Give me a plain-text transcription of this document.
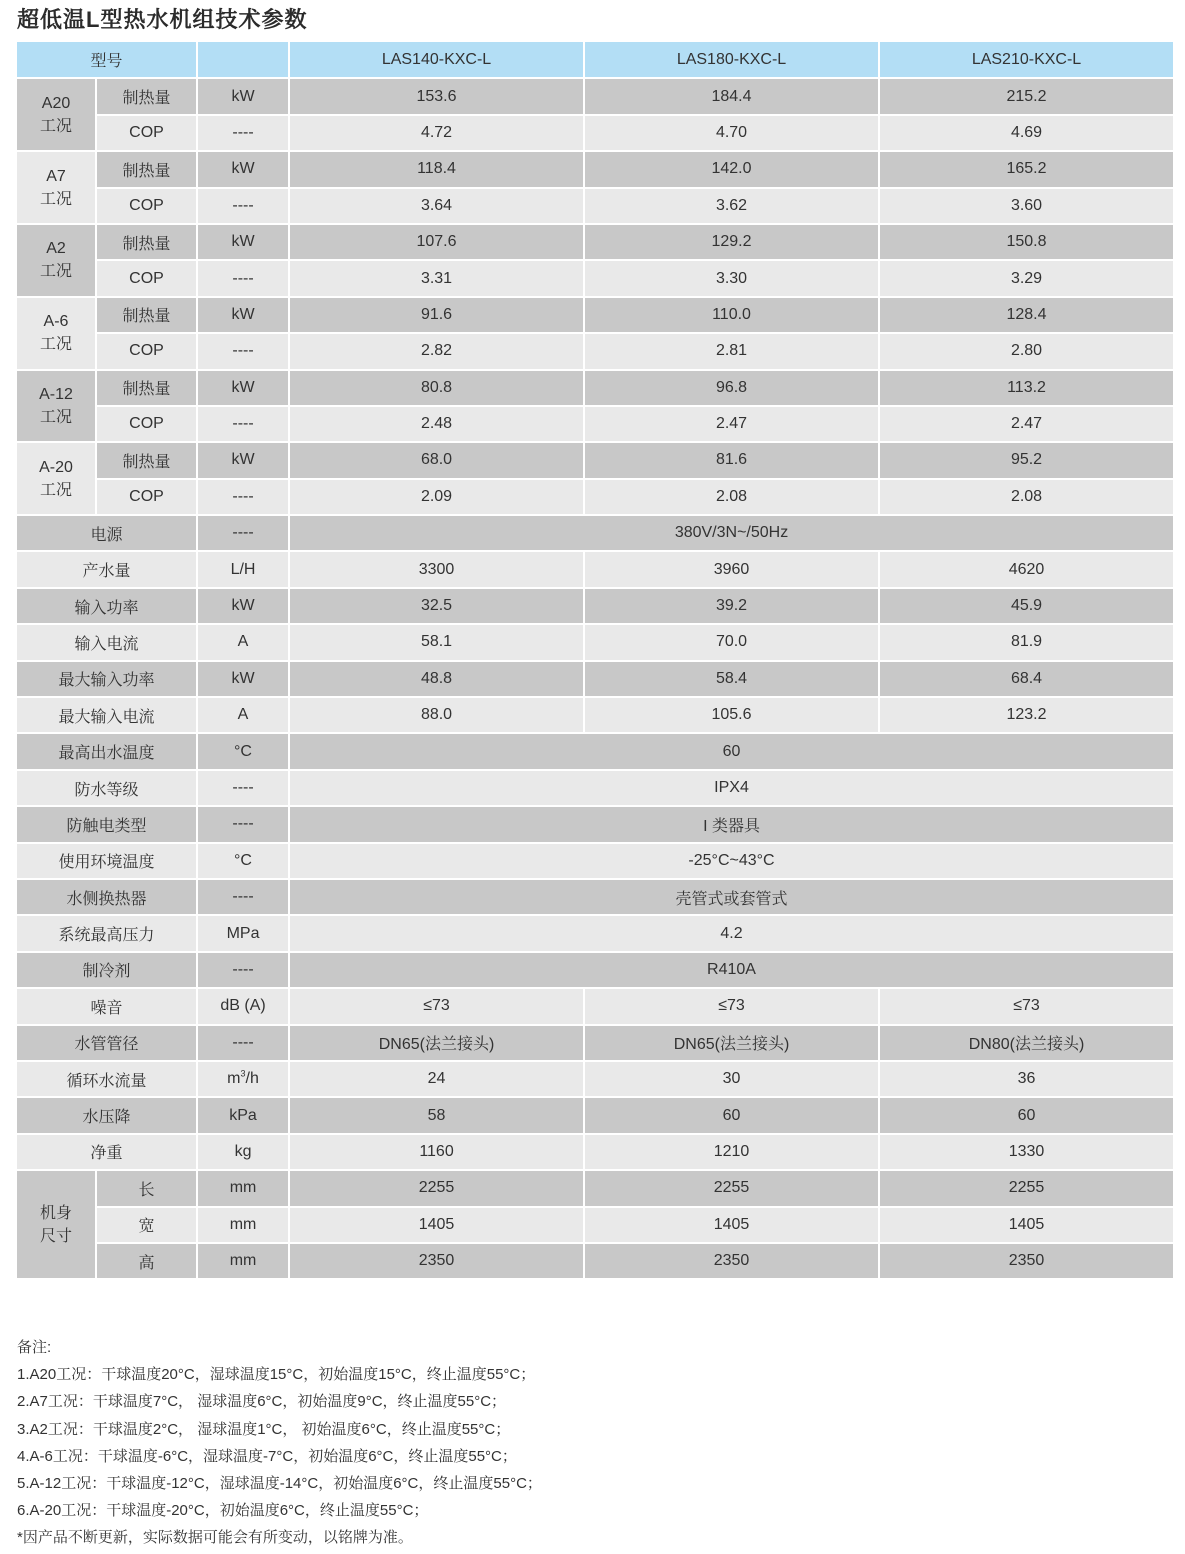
超低温L型热水机组技术参数
型号			LAS140-KXC-L	LAS180-KXC-L	LAS210-KXC-L
A20
工况	制热量	kW	153.6	184.4	215.2
	COP	----	4.72	4.70	4.69
A7
工况	制热量	kW	118.4	142.0	165.2
	COP	----	3.64	3.62	3.60
A2
工况	制热量	kW	107.6	129.2	150.8
	COP	----	3.31	3.30	3.29
A-6
工况	制热量	kW	91.6	110.0	128.4
	COP	----	2.82	2.81	2.80
A-12
工况	制热量	kW	80.8	96.8	113.2
	COP	----	2.48	2.47	2.47
A-20
工况	制热量	kW	68.0	81.6	95.2
	COP	----	2.09	2.08	2.08
电源		----	380V/3N~/50Hz		
产水量		L/H	3300	3960	4620
输入功率		kW	32.5	39.2	45.9
输入电流		A	58.1	70.0	81.9
最大输入功率		kW	48.8	58.4	68.4
最大输入电流		A	88.0	105.6	123.2
最高出水温度		°C	60		
防水等级		----	IPX4		
防触电类型		----	I 类器具		
使用环境温度		°C	-25°C~43°C		
水侧换热器		----	壳管式或套管式		
系统最高压力		MPa	4.2		
制冷剂		----	R410A		
噪音		dB (A)	≤73	≤73	≤73
水管管径		----	DN65(法兰接头)	DN65(法兰接头)	DN80(法兰接头)
循环水流量		$m^3/h$	24	30	36
水压降		kPa	58	60	60
净重		kg	1160	1210	1330
机身
尺寸	长	mm	2255	2255	2255
	宽	mm	1405	1405	1405
	高	mm	2350	2350	2350
备注:
1.A20工况：干球温度20°C，湿球温度15°C，初始温度15°C，终止温度55°C；
2.A7工况：干球温度7°C， 湿球温度6°C，初始温度9°C，终止温度55°C；
3.A2工况：干球温度2°C， 湿球温度1°C， 初始温度6°C，终止温度55°C；
4.A-6工况：干球温度-6°C，湿球温度-7°C，初始温度6°C，终止温度55°C；
5.A-12工况：干球温度-12°C，湿球温度-14°C，初始温度6°C，终止温度55°C；
6.A-20工况：干球温度-20°C，初始温度6°C，终止温度55°C；
*因产品不断更新，实际数据可能会有所变动，以铭牌为准。
